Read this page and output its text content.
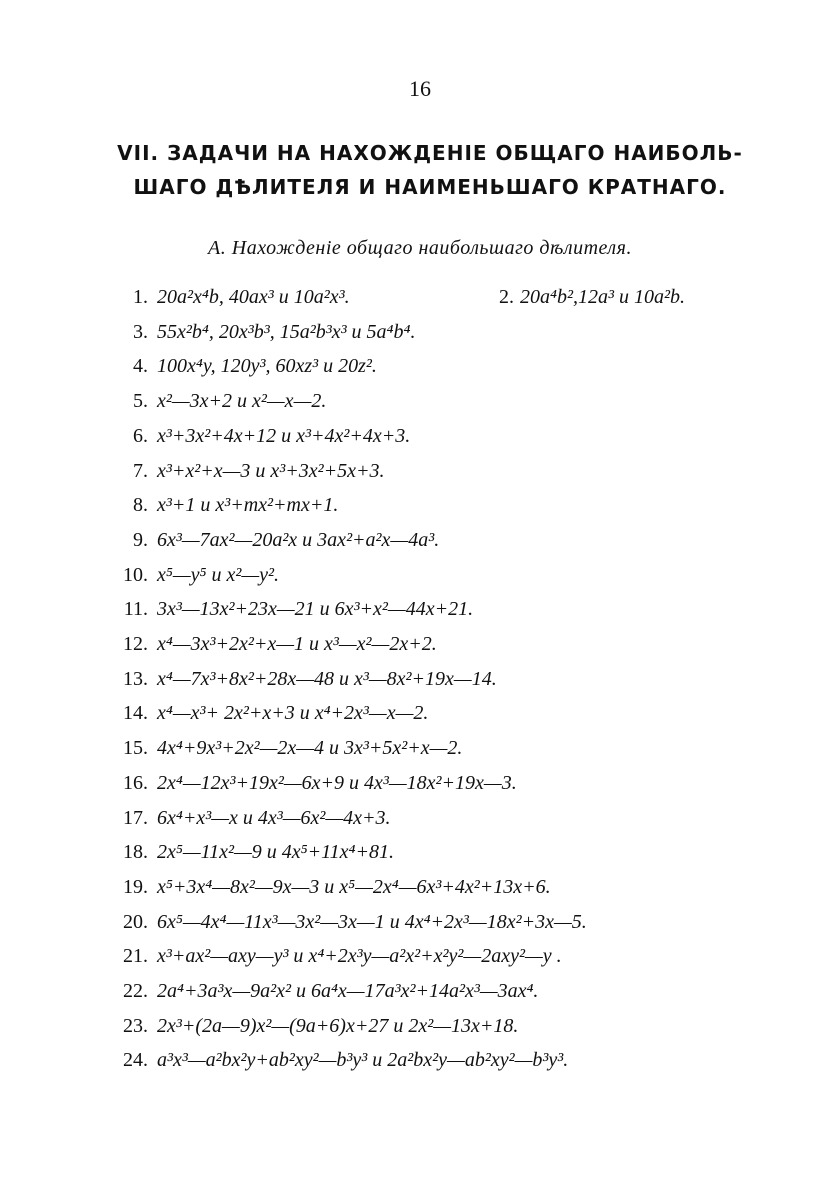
16
VII. ЗАДАЧИ НА НАХОЖДЕНІЕ ОБЩАГО НАИБОЛЬ-
ШАГО ДѢЛИТЕЛЯ И НАИМЕНЬШАГО КРАТНАГО.
А. Нахожденіе общаго наибольшаго дѣлителя.
1. 20a²x⁴b, 40ax³ и 10a²x³.	2. 20a⁴b²,12a³ и 10a²b.
3. 55x²b⁴, 20x³b³, 15a²b³x³ и 5a⁴b⁴.
4. 100x⁴y, 120y³, 60xz³ и 20z².
5. x²—3x+2 и x²—x—2.
6. x³+3x²+4x+12 и x³+4x²+4x+3.
7. x³+x²+x—3 и x³+3x²+5x+3.
8. x³+1 и x³+mx²+mx+1.
9. 6x³—7ax²—20a²x и 3ax²+a²x—4a³.
10. x⁵—y⁵ и x²—y².
11. 3x³—13x²+23x—21 и 6x³+x²—44x+21.
12. x⁴—3x³+2x²+x—1 и x³—x²—2x+2.
13. x⁴—7x³+8x²+28x—48 и x³—8x²+19x—14.
14. x⁴—x³+ 2x²+x+3 и x⁴+2x³—x—2.
15. 4x⁴+9x³+2x²—2x—4 и 3x³+5x²+x—2.
16. 2x⁴—12x³+19x²—6x+9 и 4x³—18x²+19x—3.
17. 6x⁴+x³—x и 4x³—6x²—4x+3.
18. 2x⁵—11x²—9 и 4x⁵+11x⁴+81.
19. x⁵+3x⁴—8x²—9x—3 и x⁵—2x⁴—6x³+4x²+13x+6.
20. 6x⁵—4x⁴—11x³—3x²—3x—1 и 4x⁴+2x³—18x²+3x—5.
21. x³+ax²—axy—y³ и x⁴+2x³y—a²x²+x²y²—2axy²—y .
22. 2a⁴+3a³x—9a²x² и 6a⁴x—17a³x²+14a²x³—3ax⁴.
23. 2x³+(2a—9)x²—(9a+6)x+27 и 2x²—13x+18.
24. a³x³—a²bx²y+ab²xy²—b³y³ и 2a²bx²y—ab²xy²—b³y³.
